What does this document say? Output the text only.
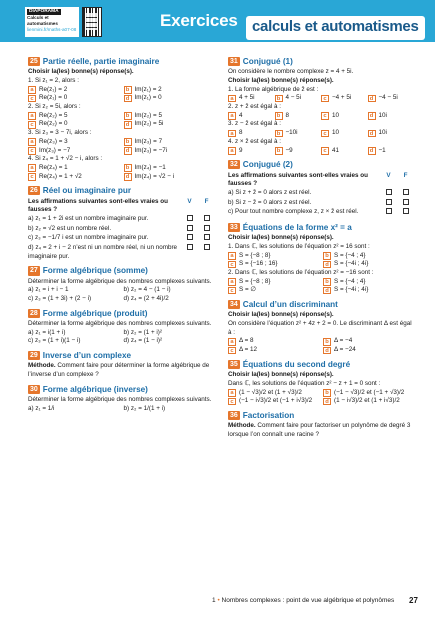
DIAPORAMA
Calculs et automatismes
lienmini.fr/maths-a07-08	Exercices calculs et automatismes
25 Partie réelle, partie imaginaire
Choisir la(les) bonne(s) réponse(s).
1. Si z₁ = 2, alors :
a Re(z₁) = 2	b Im(z₁) = 2
c Re(z₁) = 0	d Im(z₁) = 0
2. Si z₂ = 5i, alors :
a Re(z₂) = 5	b Im(z₂) = 5
c Re(z₂) = 0	d Im(z₂) = 5i
3. Si z₃ = 3 − 7i, alors :
a Re(z₃) = 3	b Im(z₃) = 7
c Im(z₃) = −7	d Im(z₃) = −7i
4. Si z₄ = 1 + √2 − i, alors :
a Re(z₄) = 1	b Im(z₄) = −1
c Re(z₄) = 1 + √2	d Im(z₄) = √2 − i
26 Réel ou imaginaire pur
Les affirmations suivantes sont-elles vraies ou fausses ?
V	F
a) z₁ = 1 + 2i est un nombre imaginaire pur.
b) z₂ = √2 est un nombre réel.
c) z₃ = −1/7 i est un nombre imaginaire pur.
d) z₄ = 2 + i − 2 n’est ni un nombre réel, ni un nombre imaginaire pur.
27 Forme algébrique (somme)
Déterminer la forme algébrique des nombres complexes suivants.
a) z₁ = i + i − 1	b) z₂ = 4 − (1 − i)
c) z₃ = (1 + 3i) + (2 − i)	d) z₄ = (2 + 4i)/2
28 Forme algébrique (produit)
Déterminer la forme algébrique des nombres complexes suivants.
a) z₁ = i(1 + i)	b) z₂ = (1 + i)²
c) z₃ = (1 + i)(1 − i)	d) z₄ = (1 − i)²
29 Inverse d’un complexe
Méthode. Comment faire pour déterminer la forme algébrique de l’inverse d’un complexe ?
30 Forme algébrique (inverse)
Déterminer la forme algébrique des nombres complexes suivants.
a) z₁ = 1/i	b) z₂ = 1/(1 + i)
31 Conjugué (1)
On considère le nombre complexe z = 4 + 5i.
Choisir la(les) bonne(s) réponse(s).
1. La forme algébrique de z̄ est :
a 4 + 5i	b 4 − 5i	c −4 + 5i	d −4 − 5i
2. z + z̄ est égal à :
a 4	b 8	c 10	d 10i
3. z − z̄ est égal à :
a 8	b −10i	c 10	d 10i
4. z × z̄ est égal à :
a 9	b −9	c 41	d −1
32 Conjugué (2)
Les affirmations suivantes sont-elles vraies ou fausses ?
V	F
a) Si z + z̄ = 0 alors z est réel.
b) Si z − z̄ = 0 alors z est réel.
c) Pour tout nombre complexe z, z × z̄ est réel.
33 Équations de la forme x² = a
Choisir la(les) bonne(s) réponse(s).
1. Dans ℂ, les solutions de l’équation z² = 16 sont :
a S = {−8 ; 8}	b S = {−4 ; 4}
c S = {−16 ; 16}	d S = {−4i ; 4i}
2. Dans ℂ, les solutions de l’équation z² = −16 sont :
a S = {−8 ; 8}	b S = {−4 ; 4}
c S = ∅	d S = {−4i ; 4i}
34 Calcul d’un discriminant
Choisir la(les) bonne(s) réponse(s).
On considère l’équation z² + 4z + 2 = 0. Le discriminant Δ est égal à :
a Δ = 8	b Δ = −4
c Δ = 12	d Δ = −24
35 Équations du second degré
Choisir la(les) bonne(s) réponse(s).
Dans ℂ, les solutions de l’équation z² − z + 1 = 0 sont :
a (1 − √3)/2 et (1 + √3)/2	b (−1 − √3)/2 et (−1 + √3)/2
c (−1 − i√3)/2 et (−1 + i√3)/2	d (1 − i√3)/2 et (1 + i√3)/2
36 Factorisation
Méthode. Comment faire pour factoriser un polynôme de degré 3 lorsque l’on connaît une racine ?
1 • Nombres complexes : point de vue algébrique et polynômes 27
